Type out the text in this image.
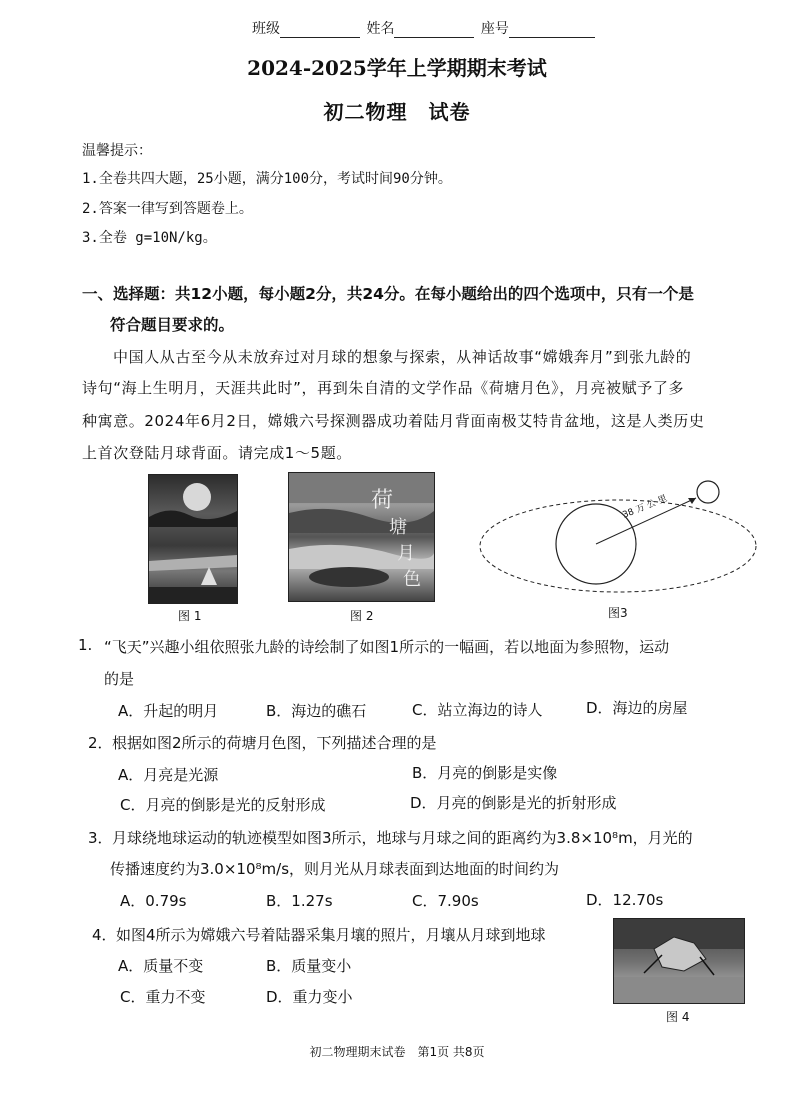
班级	姓名	座号
2024-2025学年上学期期末考试
初二物理　试卷
温馨提示：
1.全卷共四大题，25小题，满分100分，考试时间90分钟。
2.答案一律写到答题卷上。
3.全卷 g=10N/kg。
一、选择题：共12小题，每小题2分，共24分。在每小题给出的四个选项中，只有一个是
符合题目要求的。
中国人从古至今从未放弃过对月球的想象与探索，从神话故事“嫦娥奔月”到张九龄的
诗句“海上生明月，天涯共此时”，再到朱自清的文学作品《荷塘月色》，月亮被赋予了多
种寓意。2024年6月2日，嫦娥六号探测器成功着陆月背面南极艾特肯盆地，这是人类历史
上首次登陆月球背面。请完成1～5题。
图 1
荷
塘
月
色
图 2
38 万 公 里
图3
1. “飞天”兴趣小组依照张九龄的诗绘制了如图1所示的一幅画，若以地面为参照物，运动
的是
A．升起的明月	B．海边的礁石	C．站立海边的诗人	D．海边的房屋
2． 根据如图2所示的荷塘月色图，下列描述合理的是
A．月亮是光源	B．月亮的倒影是实像
C．月亮的倒影是光的反射形成	D．月亮的倒影是光的折射形成
3． 月球绕地球运动的轨迹模型如图3所示，地球与月球之间的距离约为3.8×10⁸m，月光的
传播速度约为3.0×10⁸m/s，则月光从月球表面到达地面的时间约为
A．0.79s	B．1.27s	C．7.90s	D．12.70s
4． 如图4所示为嫦娥六号着陆器采集月壤的照片，月壤从月球到地球
A．质量不变	B．质量变小
C．重力不变	D．重力变小
图 4
初二物理期末试卷　第1页 共8页
